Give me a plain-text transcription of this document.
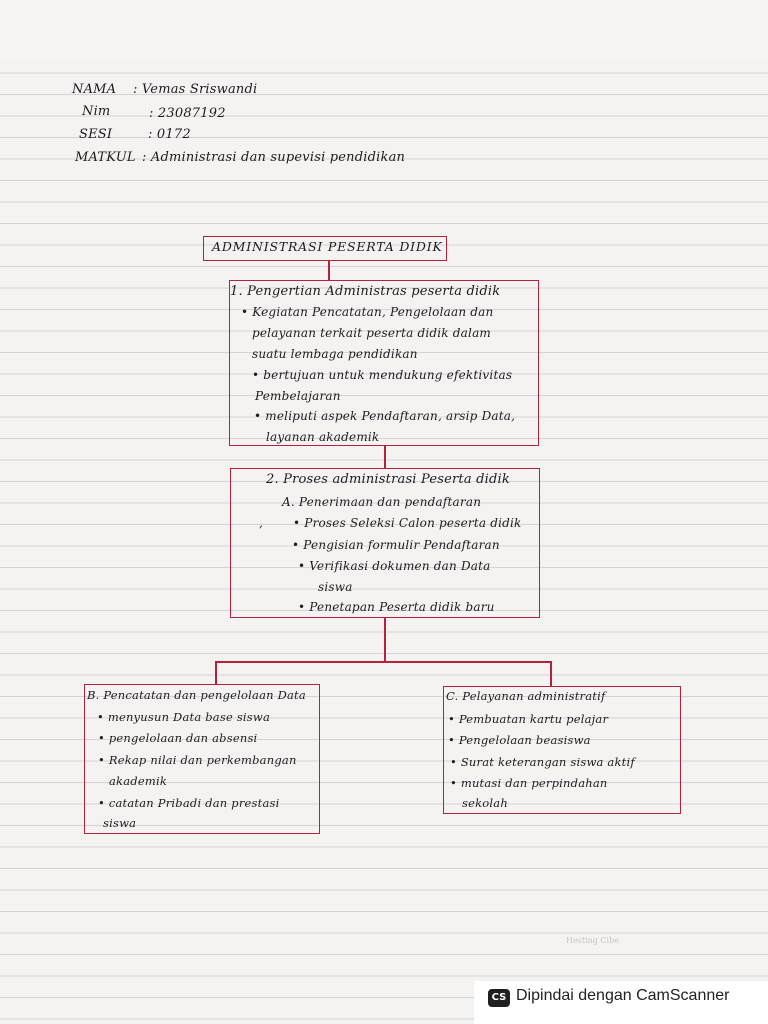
NAMA : Vemas Sriswandi
Nim	: 23087192
SESI	: 0172
MATKUL : Administrasi dan supevisi pendidikan
ADMINISTRASI PESERTA DIDIK
1. Pengertian Administras peserta didik
• Kegiatan Pencatatan, Pengelolaan dan
pelayanan terkait peserta didik dalam
suatu lembaga pendidikan
• bertujuan untuk mendukung efektivitas
Pembelajaran
• meliputi aspek Pendaftaran, arsip Data,
layanan akademik
2. Proses administrasi Peserta didik
A. Penerimaan dan pendaftaran
, • Proses Seleksi Calon peserta didik
• Pengisian formulir Pendaftaran
• Verifikasi dokumen dan Data
siswa
• Penetapan Peserta didik baru
B. Pencatatan dan pengelolaan Data
• menyusun Data base siswa
• pengelolaan dan absensi
• Rekap nilai dan perkembangan
akademik
• catatan Pribadi dan prestasi
siswa
C. Pelayanan administratif
• Pembuatan kartu pelajar
• Pengelolaan beasiswa
• Surat keterangan siswa aktif
• mutasi dan perpindahan
sekolah
Hesting Cibe
CS Dipindai dengan CamScanner
